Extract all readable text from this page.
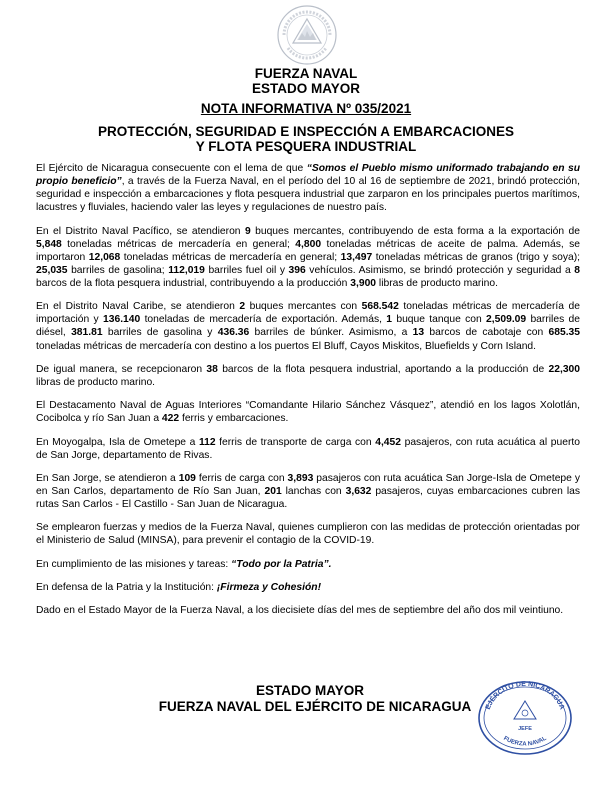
FUERZA NAVAL
ESTADO MAYOR
NOTA INFORMATIVA Nº 035/2021
PROTECCIÓN, SEGURIDAD E INSPECCIÓN A EMBARCACIONES
Y FLOTA PESQUERA INDUSTRIAL

El Ejército de Nicaragua consecuente con el lema de que “Somos el Pueblo mismo uniformado trabajando en su propio beneficio”, a través de la Fuerza Naval, en el período del 10 al 16 de septiembre de 2021, brindó protección, seguridad e inspección a embarcaciones y flota pesquera industrial que zarparon en los principales puertos marítimos, lacustres y fluviales, haciendo valer las leyes y regulaciones de nuestro país.

En el Distrito Naval Pacífico, se atendieron 9 buques mercantes, contribuyendo de esta forma a la exportación de 5,848 toneladas métricas de mercadería en general; 4,800 toneladas métricas de aceite de palma. Además, se importaron 12,068 toneladas métricas de mercadería en general; 13,497 toneladas métricas de granos (trigo y soya); 25,035 barriles de gasolina; 112,019 barriles fuel oil y 396 vehículos. Asimismo, se brindó protección y seguridad a 8 barcos de la flota pesquera industrial, contribuyendo a la producción 3,900 libras de producto marino.

En el Distrito Naval Caribe, se atendieron 2 buques mercantes con 568.542 toneladas métricas de mercadería de importación y 136.140 toneladas de mercadería de exportación. Además, 1 buque tanque con 2,509.09 barriles de diésel, 381.81 barriles de gasolina y 436.36 barriles de búnker. Asimismo, a 13 barcos de cabotaje con 685.35 toneladas métricas de mercadería con destino a los puertos El Bluff, Cayos Miskitos, Bluefields y Corn Island.

De igual manera, se recepcionaron 38 barcos de la flota pesquera industrial, aportando a la producción de 22,300 libras de producto marino.

El Destacamento Naval de Aguas Interiores “Comandante Hilario Sánchez Vásquez”, atendió en los lagos Xolotlán, Cocibolca y río San Juan a 422 ferris y embarcaciones.

En Moyogalpa, Isla de Ometepe a 112 ferris de transporte de carga con 4,452 pasajeros, con ruta acuática al puerto de San Jorge, departamento de Rivas.

En San Jorge, se atendieron a 109 ferris de carga con 3,893 pasajeros con ruta acuática San Jorge-Isla de Ometepe y en San Carlos, departamento de Río San Juan, 201 lanchas con 3,632 pasajeros, cuyas embarcaciones cubren las rutas San Carlos - El Castillo - San Juan de Nicaragua.

Se emplearon fuerzas y medios de la Fuerza Naval, quienes cumplieron con las medidas de protección orientadas por el Ministerio de Salud (MINSA), para prevenir el contagio de la COVID-19.

En cumplimiento de las misiones y tareas: “Todo por la Patria”.

En defensa de la Patria y la Institución: ¡Firmeza y Cohesión!

Dado en el Estado Mayor de la Fuerza Naval, a los diecisiete días del mes de septiembre del año dos mil veintiuno.

ESTADO MAYOR
FUERZA NAVAL DEL EJÉRCITO DE NICARAGUA	EJÉRCITO DE NICARAGUA
JEFE
FUERZA NAVAL
